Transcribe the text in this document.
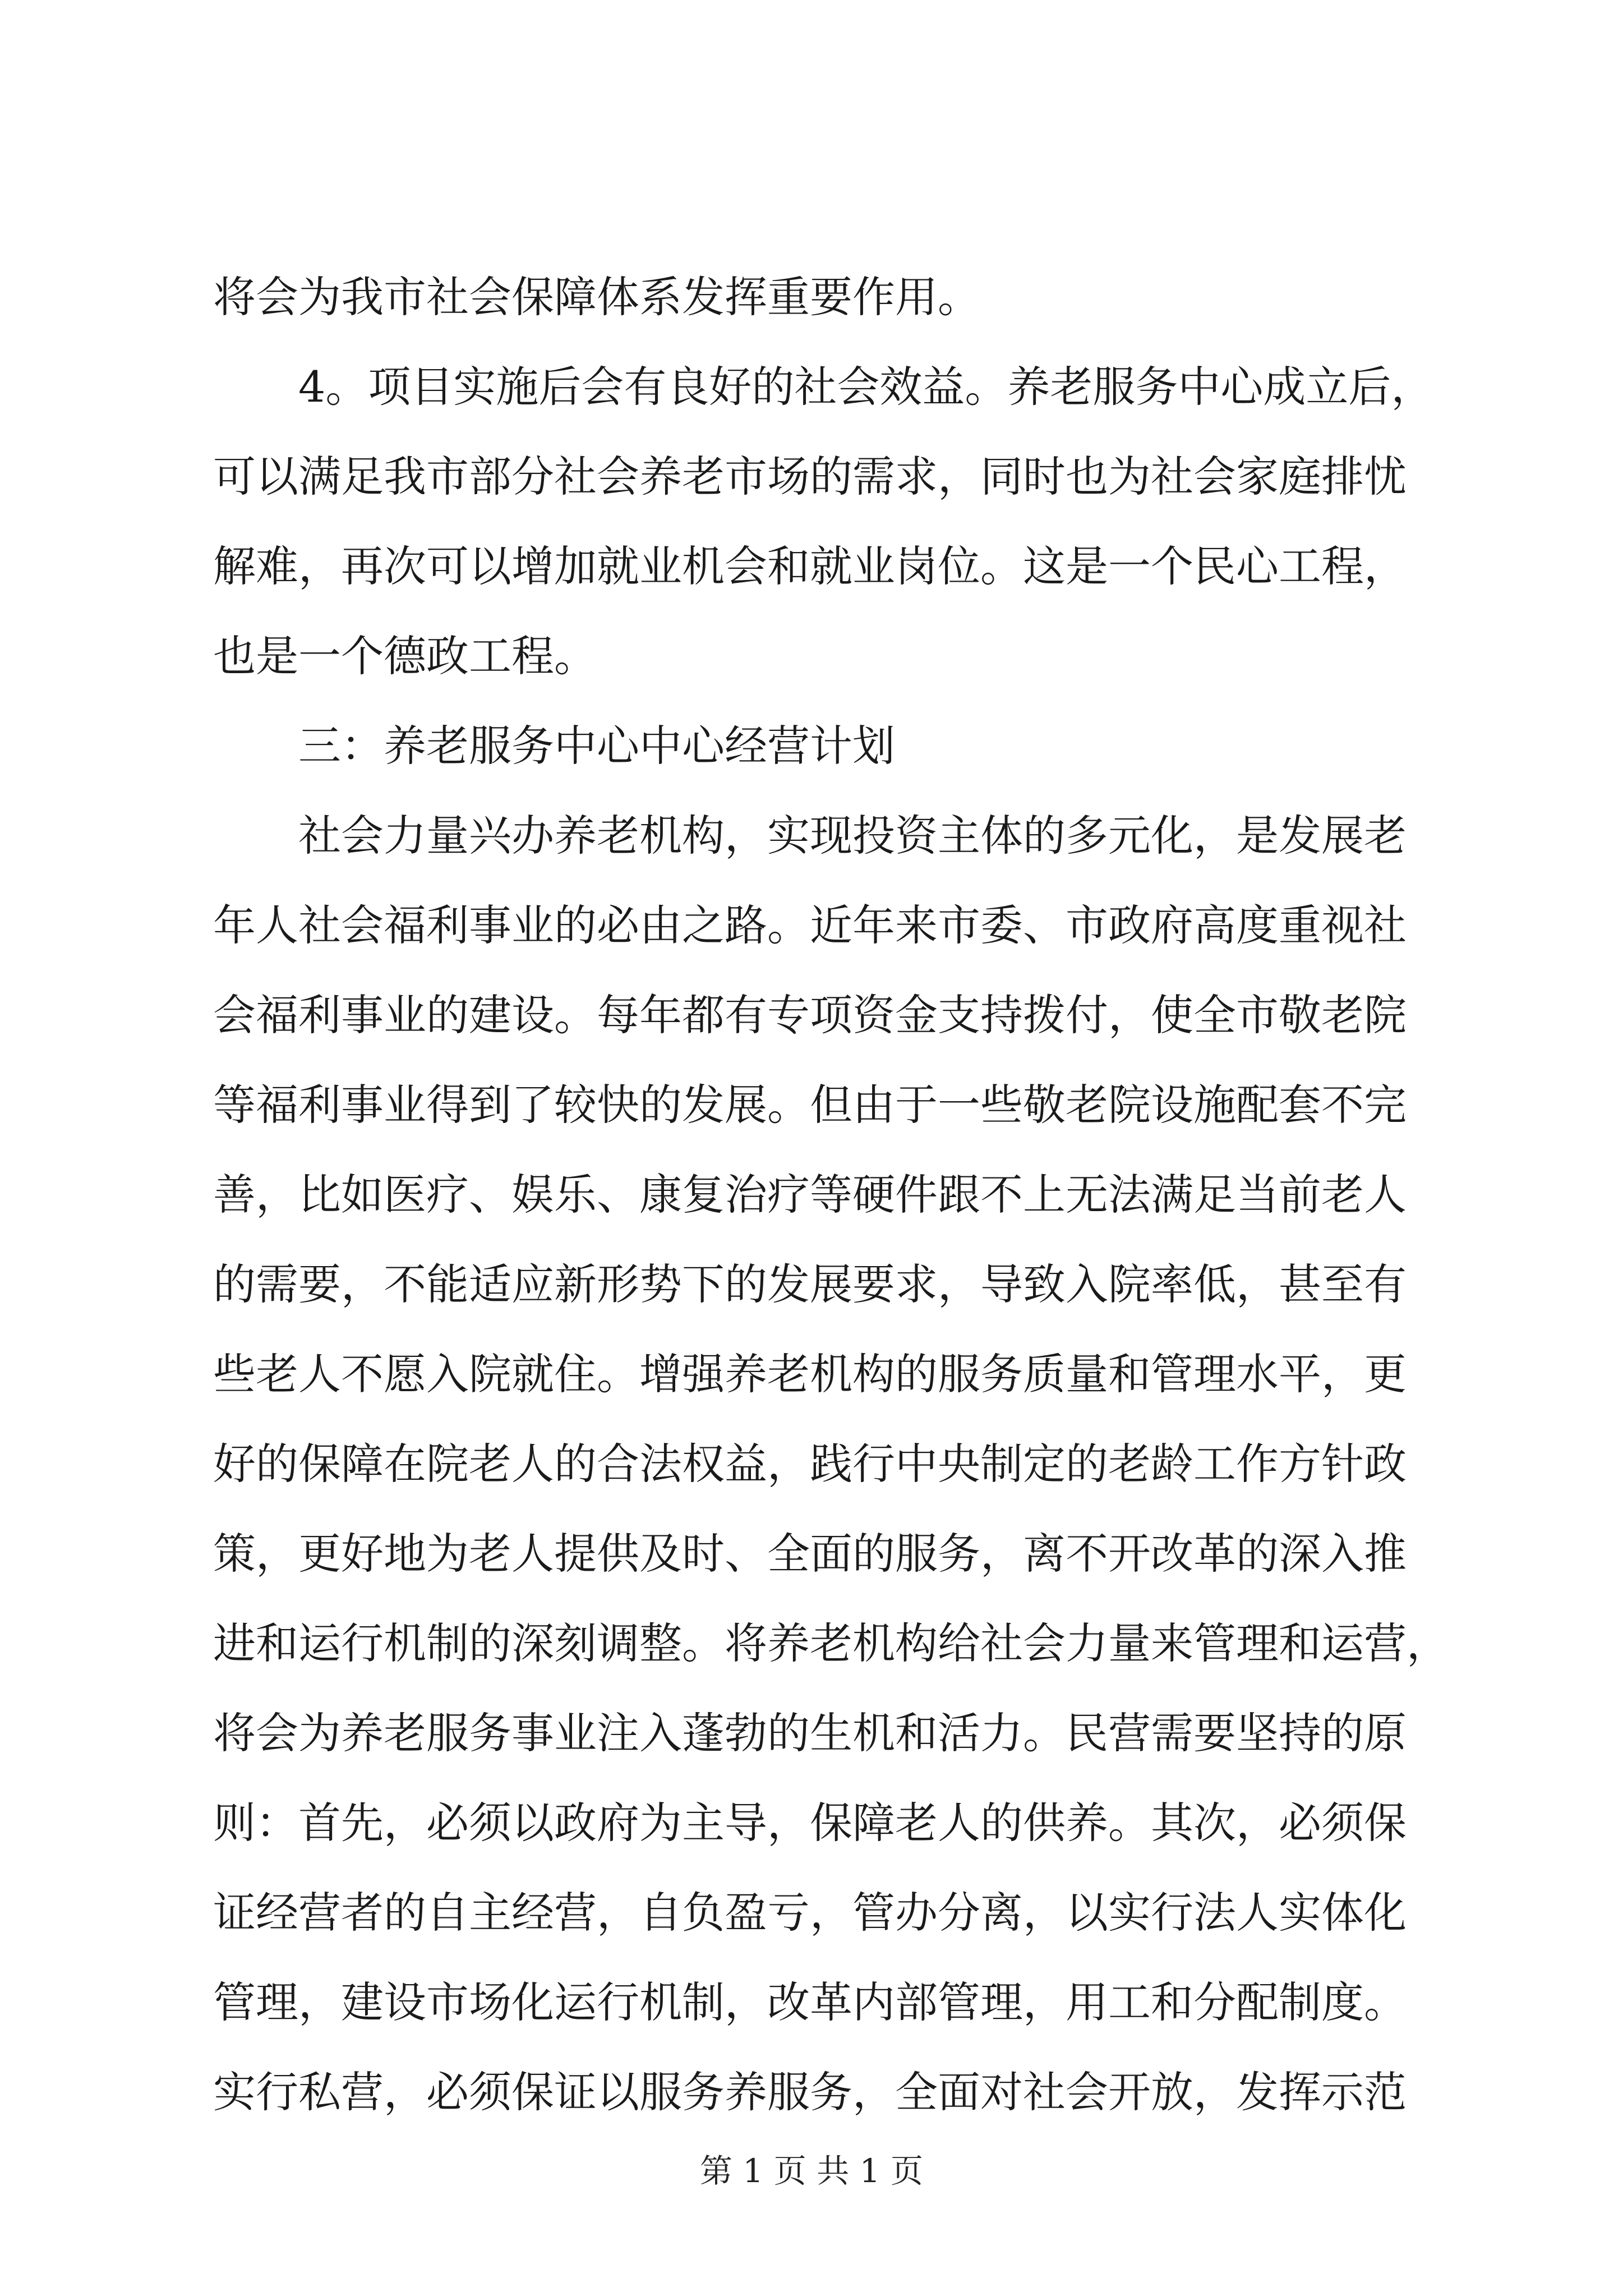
将会为我市社会保障体系发挥重要作用。
4。项目实施后会有良好的社会效益。养老服务中心成立后，
可以满足我市部分社会养老市场的需求，同时也为社会家庭排忧
解难，再次可以增加就业机会和就业岗位。这是一个民心工程，
也是一个德政工程。
三：养老服务中心中心经营计划
社会力量兴办养老机构，实现投资主体的多元化，是发展老
年人社会福利事业的必由之路。近年来市委、市政府高度重视社
会福利事业的建设。每年都有专项资金支持拨付，使全市敬老院
等福利事业得到了较快的发展。但由于一些敬老院设施配套不完
善，比如医疗、娱乐、康复治疗等硬件跟不上无法满足当前老人
的需要，不能适应新形势下的发展要求，导致入院率低，甚至有
些老人不愿入院就住。增强养老机构的服务质量和管理水平，更
好的保障在院老人的合法权益，践行中央制定的老龄工作方针政
策，更好地为老人提供及时、全面的服务，离不开改革的深入推
进和运行机制的深刻调整。将养老机构给社会力量来管理和运营，
将会为养老服务事业注入蓬勃的生机和活力。民营需要坚持的原
则：首先，必须以政府为主导，保障老人的供养。其次，必须保
证经营者的自主经营，自负盈亏，管办分离，以实行法人实体化
管理，建设市场化运行机制，改革内部管理，用工和分配制度。
实行私营，必须保证以服务养服务，全面对社会开放，发挥示范
第 1 页 共 1 页
